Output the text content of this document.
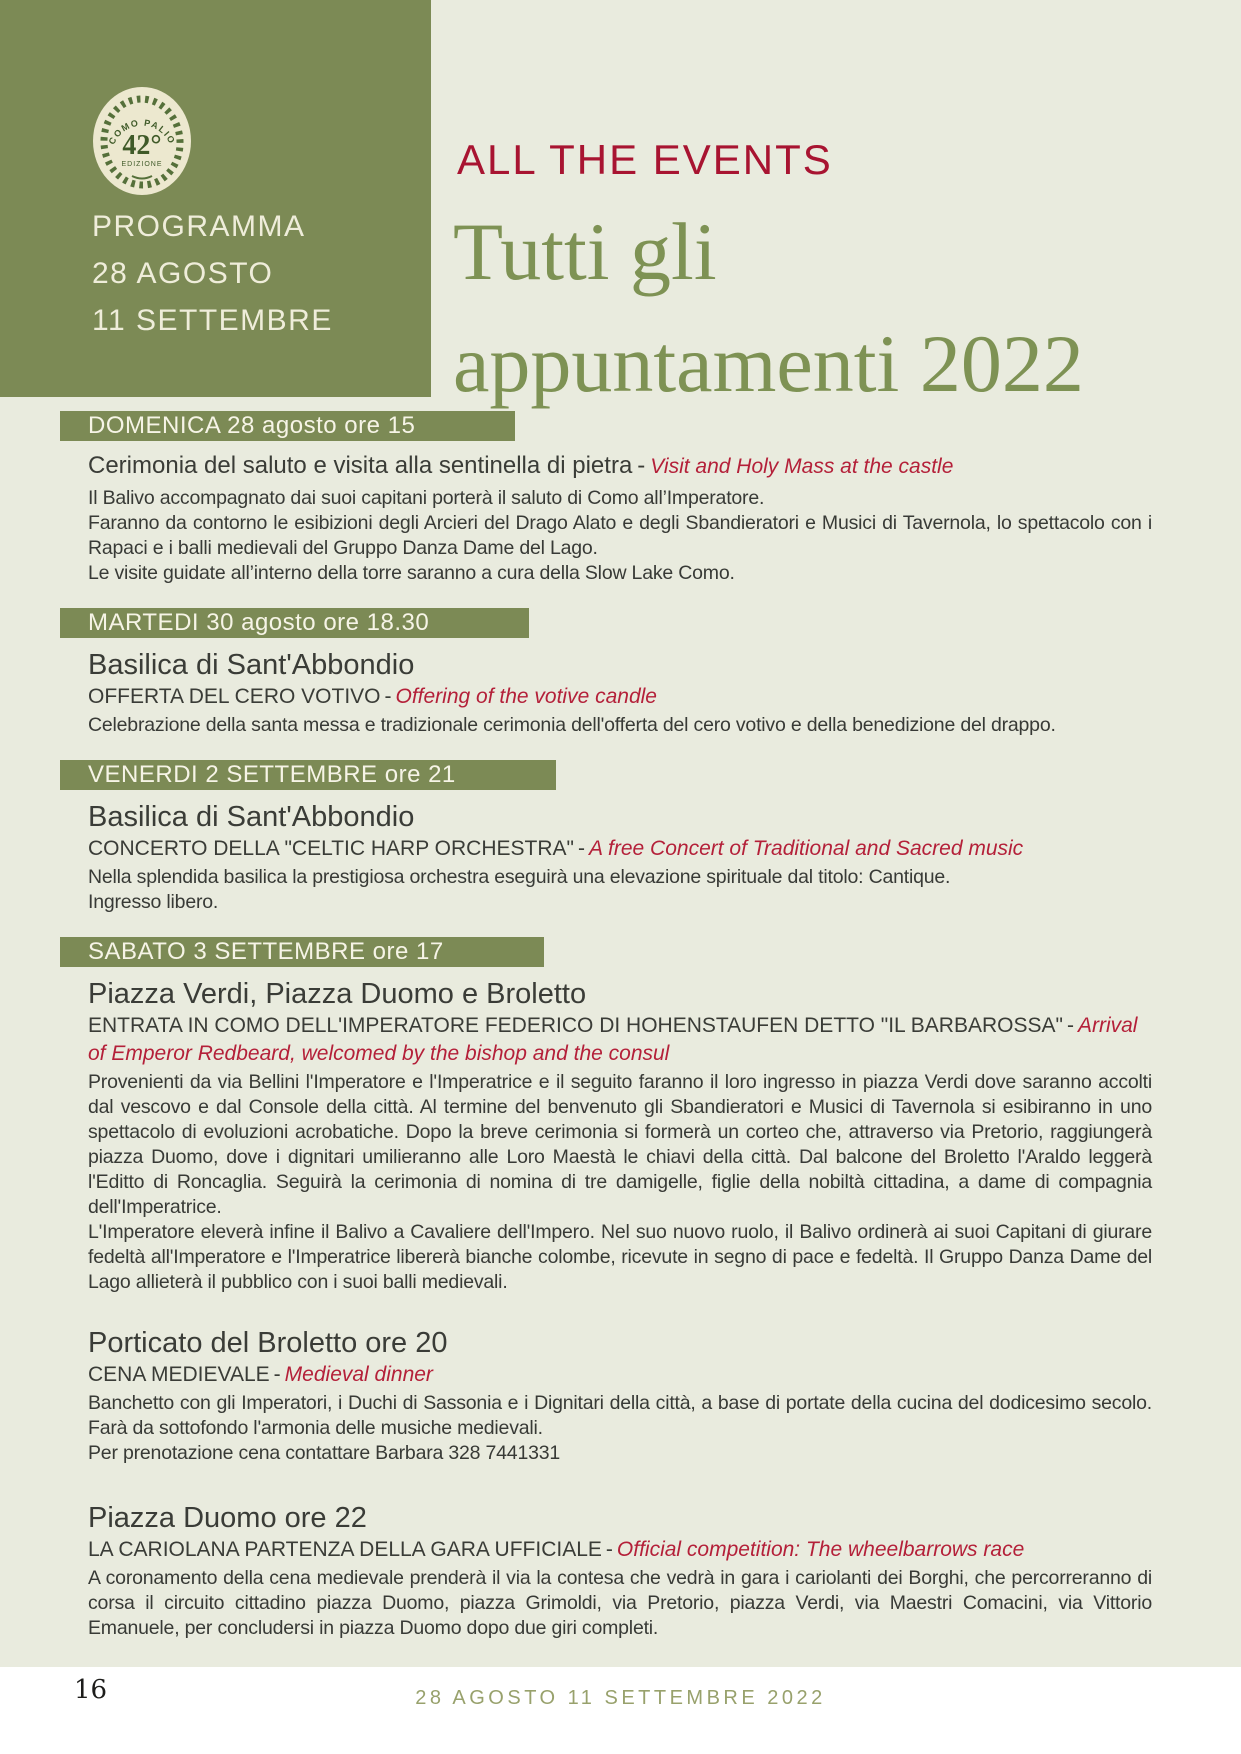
COMO PALIO
42°
EDIZIONE
PROGRAMMA
28 AGOSTO
11 SETTEMBRE
ALL THE EVENTS
Tutti gli
appuntamenti 2022
DOMENICA 28 agosto ore 15
Cerimonia del saluto e visita alla sentinella di pietra - Visit and Holy Mass at the castle

Il Balivo accompagnato dai suoi capitani porterà il saluto di Como all’Imperatore.

Faranno da contorno le esibizioni degli Arcieri del Drago Alato e degli Sbandieratori e Musici di Tavernola, lo spettacolo con i Rapaci e i balli medievali del Gruppo Danza Dame del Lago.

Le visite guidate all’interno della torre saranno a cura della Slow Lake Como.

MARTEDI 30 agosto ore 18.30
Basilica di Sant'Abbondio

OFFERTA DEL CERO VOTIVO - Offering of the votive candle

Celebrazione della santa messa e tradizionale cerimonia dell'offerta del cero votivo e della benedizione del drappo.

VENERDI 2 SETTEMBRE ore 21
Basilica di Sant'Abbondio

CONCERTO DELLA "CELTIC HARP ORCHESTRA" - A free Concert of Traditional and Sacred music

Nella splendida basilica la prestigiosa orchestra eseguirà una elevazione spirituale dal titolo: Cantique.

Ingresso libero.

SABATO 3 SETTEMBRE ore 17
Piazza Verdi, Piazza Duomo e Broletto

ENTRATA IN COMO DELL'IMPERATORE FEDERICO DI HOHENSTAUFEN DETTO "IL BARBAROSSA" - Arrival of Emperor Redbeard, welcomed by the bishop and the consul

Provenienti da via Bellini l'Imperatore e l'Imperatrice e il seguito faranno il loro ingresso in piazza Verdi dove saranno accolti dal vescovo e dal Console della città. Al termine del benvenuto gli Sbandieratori e Musici di Tavernola si esibiranno in uno spettacolo di evoluzioni acrobatiche. Dopo la breve cerimonia si formerà un corteo che, attraverso via Pretorio, raggiungerà piazza Duomo, dove i dignitari umilieranno alle Loro Maestà le chiavi della città. Dal balcone del Broletto l'Araldo leggerà l'Editto di Roncaglia. Seguirà la cerimonia di nomina di tre damigelle, figlie della nobiltà cittadina, a dame di compagnia dell'Imperatrice.

L'Imperatore eleverà infine il Balivo a Cavaliere dell'Impero. Nel suo nuovo ruolo, il Balivo ordinerà ai suoi Capitani di giurare fedeltà all'Imperatore e l'Imperatrice libererà bianche colombe, ricevute in segno di pace e fedeltà. Il Gruppo Danza Dame del Lago allieterà il pubblico con i suoi balli medievali.

Porticato del Broletto ore 20

CENA MEDIEVALE - Medieval dinner

Banchetto con gli Imperatori, i Duchi di Sassonia e i Dignitari della città, a base di portate della cucina del dodicesimo secolo. Farà da sottofondo l'armonia delle musiche medievali.

Per prenotazione cena contattare Barbara 328 7441331

Piazza Duomo ore 22

LA CARIOLANA PARTENZA DELLA GARA UFFICIALE - Official competition: The wheelbarrows race

A coronamento della cena medievale prenderà il via la contesa che vedrà in gara i cariolanti dei Borghi, che percorreranno di corsa il circuito cittadino piazza Duomo, piazza Grimoldi, via Pretorio, piazza Verdi, via Maestri Comacini, via Vittorio Emanuele, per concludersi in piazza Duomo dopo due giri completi.

16	28 AGOSTO 11 SETTEMBRE 2022
